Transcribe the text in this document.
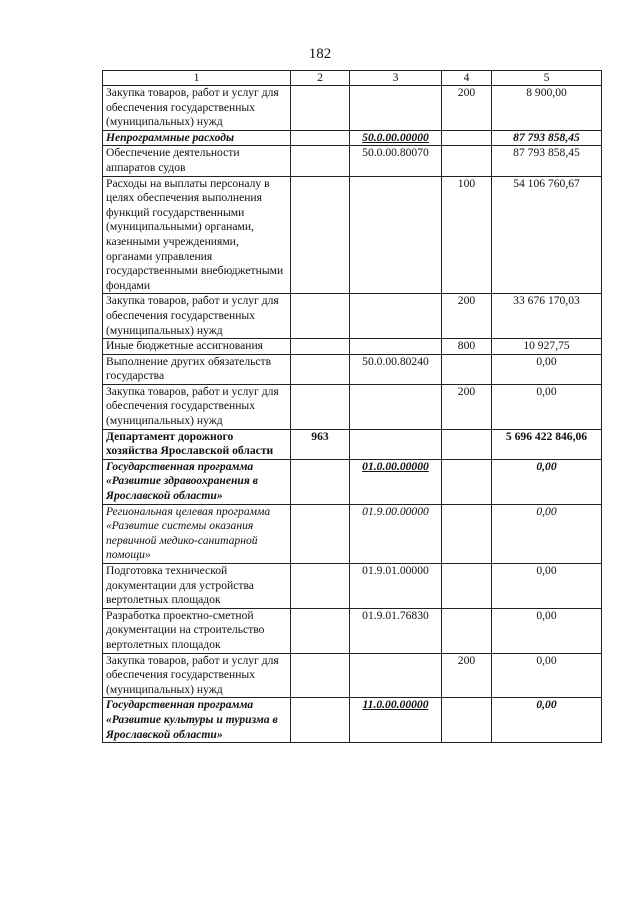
182
1	2	3	4	5
Закупка товаров, работ и услуг для обеспечения государственных (муниципальных) нужд			200	8 900,00
Непрограммные расходы		50.0.00.00000		87 793 858,45
Обеспечение деятельности аппаратов судов		50.0.00.80070		87 793 858,45
Расходы на выплаты персоналу в целях обеспечения выполнения функций государственными (муниципальными) органами, казенными учреждениями, органами управления государственными внебюджетными фондами			100	54 106 760,67
Закупка товаров, работ и услуг для обеспечения государственных (муниципальных) нужд			200	33 676 170,03
Иные бюджетные ассигнования			800	10 927,75
Выполнение других обязательств государства		50.0.00.80240		0,00
Закупка товаров, работ и услуг для обеспечения государственных (муниципальных) нужд			200	0,00
Департамент дорожного хозяйства Ярославской области	963			5 696 422 846,06
Государственная программа «Развитие здравоохранения в Ярославской области»		01.0.00.00000		0,00
Региональная целевая программа «Развитие системы оказания первичной медико-санитарной помощи»		01.9.00.00000		0,00
Подготовка технической документации для устройства вертолетных площадок		01.9.01.00000		0,00
Разработка проектно-сметной документации на строительство вертолетных площадок		01.9.01.76830		0,00
Закупка товаров, работ и услуг для обеспечения государственных (муниципальных) нужд			200	0,00
Государственная программа «Развитие культуры и туризма в Ярославской области»		11.0.00.00000		0,00
